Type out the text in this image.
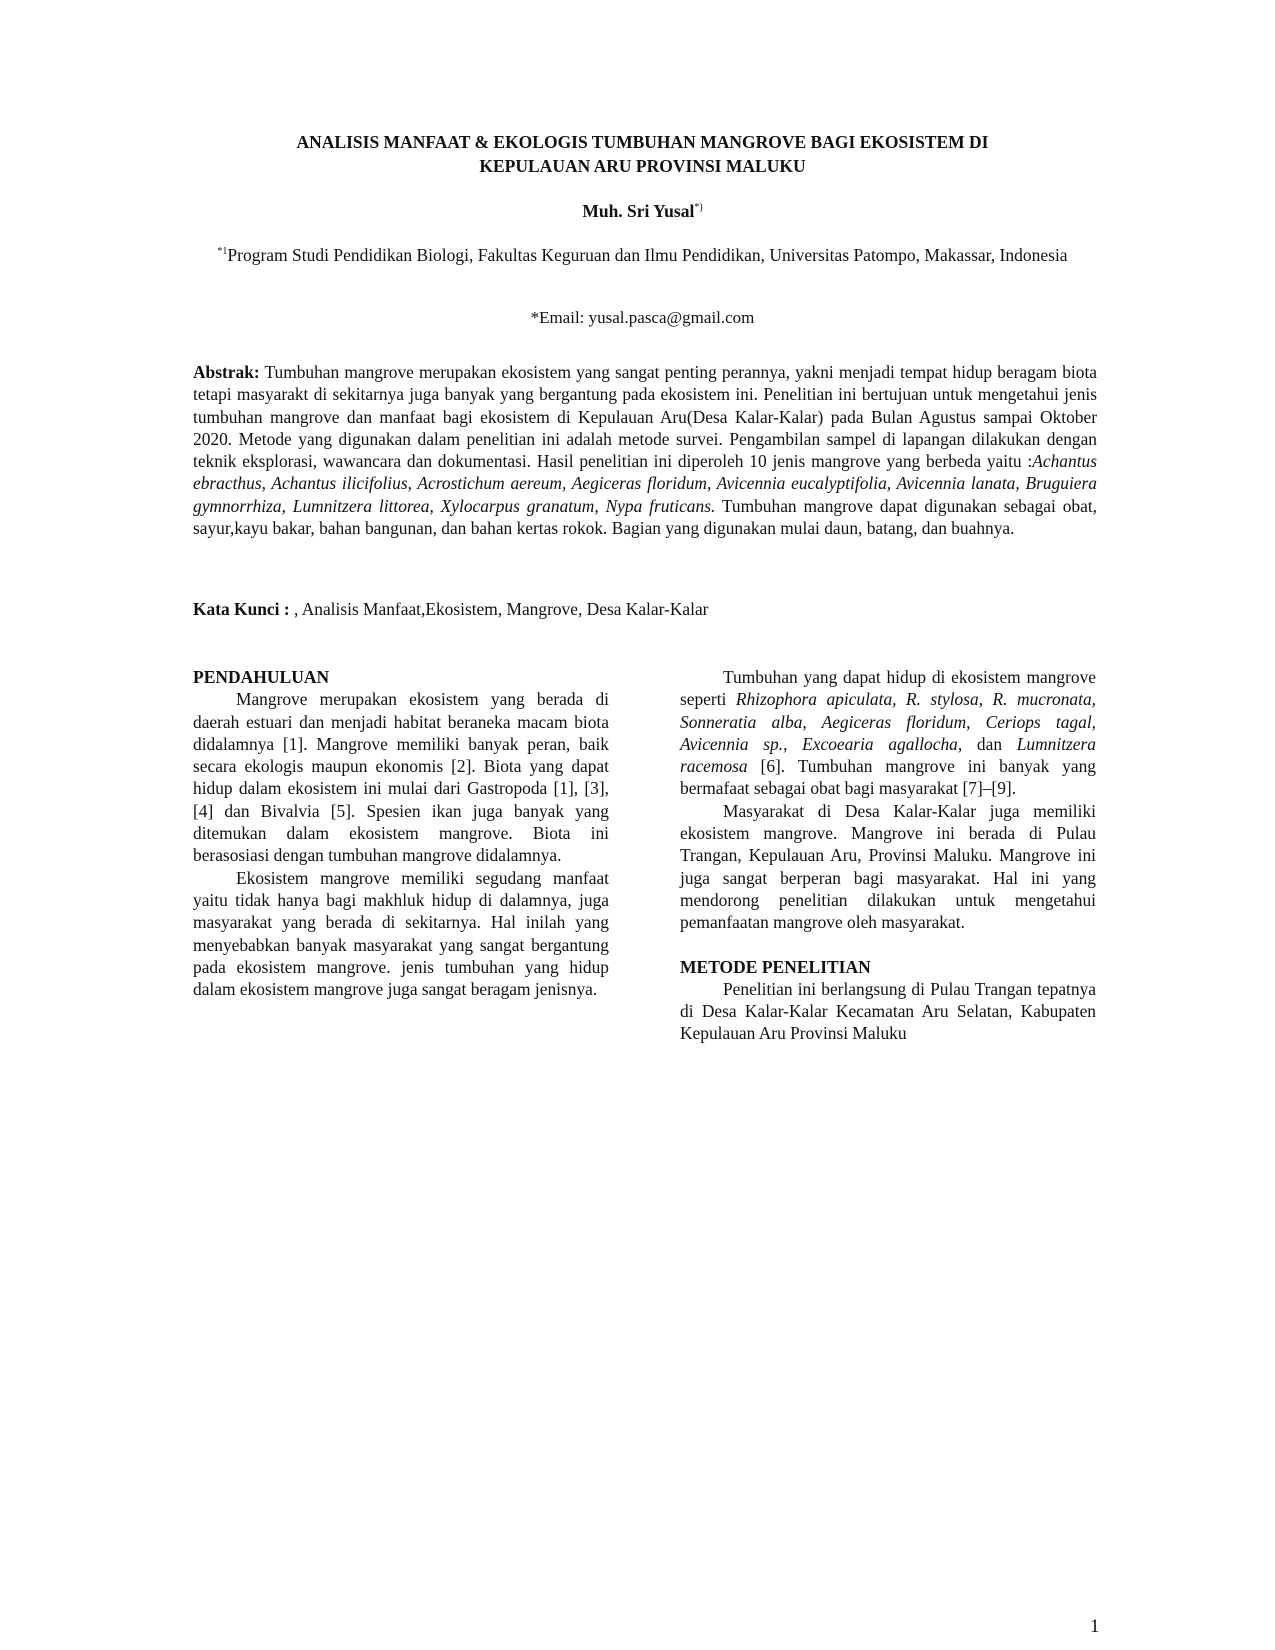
ANALISIS MANFAAT & EKOLOGIS TUMBUHAN MANGROVE BAGI EKOSISTEM DI
KEPULAUAN ARU PROVINSI MALUKU
Muh. Sri Yusal*)
$^{*1}$Program Studi Pendidikan Biologi, Fakultas Keguruan dan Ilmu Pendidikan, Universitas Patompo, Makassar, Indonesia
*Email: yusal.pasca@gmail.com
Abstrak: Tumbuhan mangrove merupakan ekosistem yang sangat penting perannya, yakni menjadi tempat hidup beragam biota tetapi masyarakt di sekitarnya juga banyak yang bergantung pada ekosistem ini. Penelitian ini bertujuan untuk mengetahui jenis tumbuhan mangrove dan manfaat bagi ekosistem di Kepulauan Aru(Desa Kalar-Kalar) pada Bulan Agustus sampai Oktober 2020. Metode yang digunakan dalam penelitian ini adalah metode survei. Pengambilan sampel di lapangan dilakukan dengan teknik eksplorasi, wawancara dan dokumentasi. Hasil penelitian ini diperoleh 10 jenis mangrove yang berbeda yaitu :Achantus ebracthus, Achantus ilicifolius, Acrostichum aereum, Aegiceras floridum, Avicennia eucalyptifolia, Avicennia lanata, Bruguiera gymnorrhiza, Lumnitzera littorea, Xylocarpus granatum, Nypa fruticans. Tumbuhan mangrove dapat digunakan sebagai obat, sayur,kayu bakar, bahan bangunan, dan bahan kertas rokok. Bagian yang digunakan mulai daun, batang, dan buahnya.
Kata Kunci : , Analisis Manfaat,Ekosistem, Mangrove, Desa Kalar-Kalar
PENDAHULUAN

Mangrove merupakan ekosistem yang berada di daerah estuari dan menjadi habitat beraneka macam biota didalamnya [1]. Mangrove memiliki banyak peran, baik secara ekologis maupun ekonomis [2]. Biota yang dapat hidup dalam ekosistem ini mulai dari Gastropoda [1], [3], [4] dan Bivalvia [5]. Spesien ikan juga banyak yang ditemukan dalam ekosistem mangrove. Biota ini berasosiasi dengan tumbuhan mangrove didalamnya.

Ekosistem mangrove memiliki segudang manfaat yaitu tidak hanya bagi makhluk hidup di dalamnya, juga masyarakat yang berada di sekitarnya. Hal inilah yang menyebabkan banyak masyarakat yang sangat bergantung pada ekosistem mangrove. jenis tumbuhan yang hidup dalam ekosistem mangrove juga sangat beragam jenisnya.

Tumbuhan yang dapat hidup di ekosistem mangrove seperti Rhizophora apiculata, R. stylosa, R. mucronata, Sonneratia alba, Aegiceras floridum, Ceriops tagal, Avicennia sp., Excoearia agallocha, dan Lumnitzera racemosa [6]. Tumbuhan mangrove ini banyak yang bermafaat sebagai obat bagi masyarakat [7]–[9].

Masyarakat di Desa Kalar-Kalar juga memiliki ekosistem mangrove. Mangrove ini berada di Pulau Trangan, Kepulauan Aru, Provinsi Maluku. Mangrove ini juga sangat berperan bagi masyarakat. Hal ini yang mendorong penelitian dilakukan untuk mengetahui pemanfaatan mangrove oleh masyarakat.

METODE PENELITIAN

Penelitian ini berlangsung di Pulau Trangan tepatnya di Desa Kalar-Kalar Kecamatan Aru Selatan, Kabupaten Kepulauan Aru Provinsi Maluku

1
